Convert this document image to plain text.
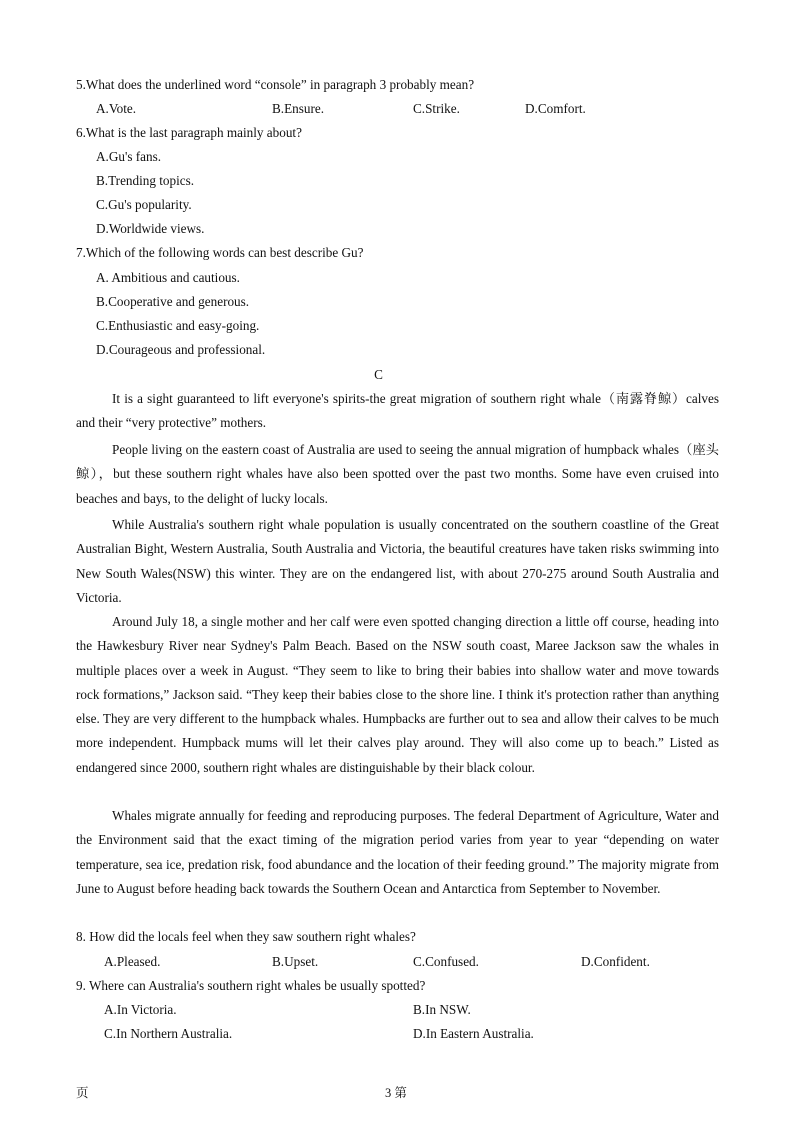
5.What does the underlined word “console” in paragraph 3 probably mean?
A.Vote.	B.Ensure.	C.Strike.	D.Comfort.
6.What is the last paragraph mainly about?
A.Gu's fans.
B.Trending topics.
C.Gu's popularity.
D.Worldwide views.
7.Which of the following words can best describe Gu?
A. Ambitious and cautious.
B.Cooperative and generous.
C.Enthusiastic and easy-going.
D.Courageous and professional.
C

It is a sight guaranteed to lift everyone's spirits-the great migration of southern right whale（南露脊鲸）calves and their “very protective” mothers.

People living on the eastern coast of Australia are used to seeing the annual migration of humpback whales（座头鲸），but these southern right whales have also been spotted over the past two months. Some have even cruised into beaches and bays, to the delight of lucky locals.

While Australia's southern right whale population is usually concentrated on the southern coastline of the Great Australian Bight, Western Australia, South Australia and Victoria, the beautiful creatures have taken risks swimming into New South Wales(NSW) this winter. They are on the endangered list, with about 270-275 around South Australia and Victoria.

Around July 18, a single mother and her calf were even spotted changing direction a little off course, heading into the Hawkesbury River near Sydney's Palm Beach. Based on the NSW south coast, Maree Jackson saw the whales in multiple places over a week in August. “They seem to like to bring their babies into shallow water and move towards rock formations,” Jackson said. “They keep their babies close to the shore line. I think it's protection rather than anything else. They are very different to the humpback whales. Humpbacks are further out to sea and allow their calves to be much more independent. Humpback mums will let their calves play around. They will also come up to beach.” Listed as endangered since 2000, southern right whales are distinguishable by their black colour.

Whales migrate annually for feeding and reproducing purposes. The federal Department of Agriculture, Water and the Environment said that the exact timing of the migration period varies from year to year “depending on water temperature, sea ice, predation risk, food abundance and the location of their feeding ground.” The majority migrate from June to August before heading back towards the Southern Ocean and Antarctica from September to November.

8. How did the locals feel when they saw southern right whales?
A.Pleased.	B.Upset.	C.Confused.	D.Confident.
9. Where can Australia's southern right whales be usually spotted?
A.In Victoria.	B.In NSW.
C.In Northern Australia.	D.In Eastern Australia.
页	3 第
